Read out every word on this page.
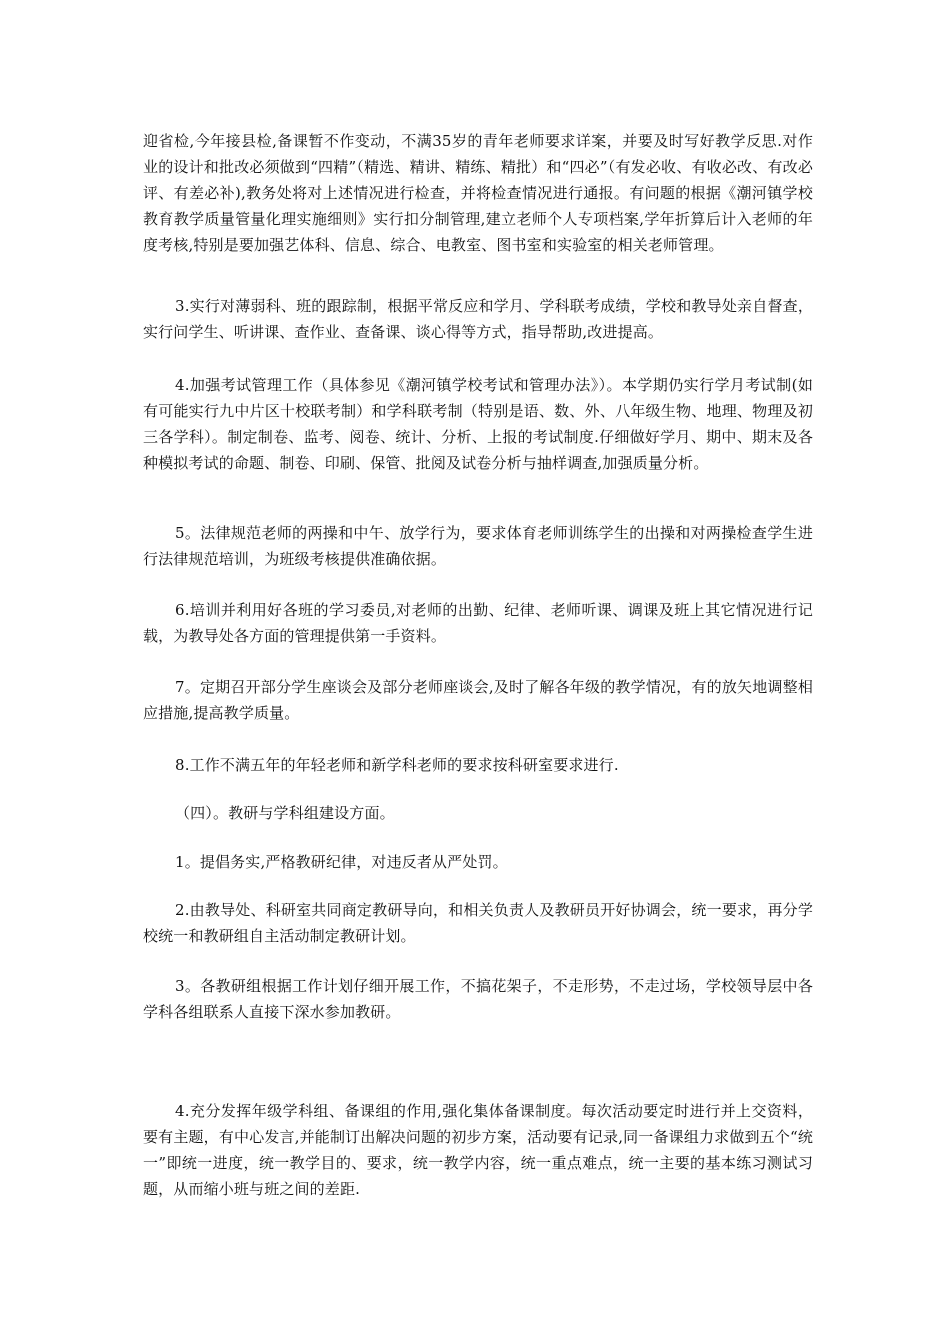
迎省检,今年接县检,备课暂不作变动，不满35岁的青年老师要求详案，并要及时写好教学反思.对作业的设计和批改必须做到“四精”（精选、精讲、精练、精批）和“四必”（有发必收、有收必改、有改必评、有差必补),教务处将对上述情况进行检查，并将检查情况进行通报。有问题的根据《潮河镇学校教育教学质量管量化理实施细则》实行扣分制管理,建立老师个人专项档案,学年折算后计入老师的年度考核,特别是要加强艺体科、信息、综合、电教室、图书室和实验室的相关老师管理。

3.实行对薄弱科、班的跟踪制，根据平常反应和学月、学科联考成绩，学校和教导处亲自督查，实行问学生、听讲课、查作业、查备课、谈心得等方式，指导帮助,改进提高。

4.加强考试管理工作（具体参见《潮河镇学校考试和管理办法》）。本学期仍实行学月考试制(如有可能实行九中片区十校联考制）和学科联考制（特别是语、数、外、八年级生物、地理、物理及初三各学科）。制定制卷、监考、阅卷、统计、分析、上报的考试制度.仔细做好学月、期中、期末及各种模拟考试的命题、制卷、印刷、保管、批阅及试卷分析与抽样调查,加强质量分析。

5。法律规范老师的两操和中午、放学行为，要求体育老师训练学生的出操和对两操检查学生进行法律规范培训，为班级考核提供准确依据。

6.培训并利用好各班的学习委员,对老师的出勤、纪律、老师听课、调课及班上其它情况进行记载，为教导处各方面的管理提供第一手资料。

7。定期召开部分学生座谈会及部分老师座谈会,及时了解各年级的教学情况，有的放矢地调整相应措施,提高教学质量。

8.工作不满五年的年轻老师和新学科老师的要求按科研室要求进行.

（四）。教研与学科组建设方面。

1。提倡务实,严格教研纪律，对违反者从严处罚。

2.由教导处、科研室共同商定教研导向，和相关负责人及教研员开好协调会，统一要求，再分学校统一和教研组自主活动制定教研计划。

3。各教研组根据工作计划仔细开展工作，不搞花架子，不走形势，不走过场，学校领导层中各学科各组联系人直接下深水参加教研。

4.充分发挥年级学科组、备课组的作用,强化集体备课制度。每次活动要定时进行并上交资料，要有主题，有中心发言,并能制订出解决问题的初步方案，活动要有记录,同一备课组力求做到五个“统一”即统一进度，统一教学目的、要求，统一教学内容，统一重点难点，统一主要的基本练习测试习题，从而缩小班与班之间的差距.
